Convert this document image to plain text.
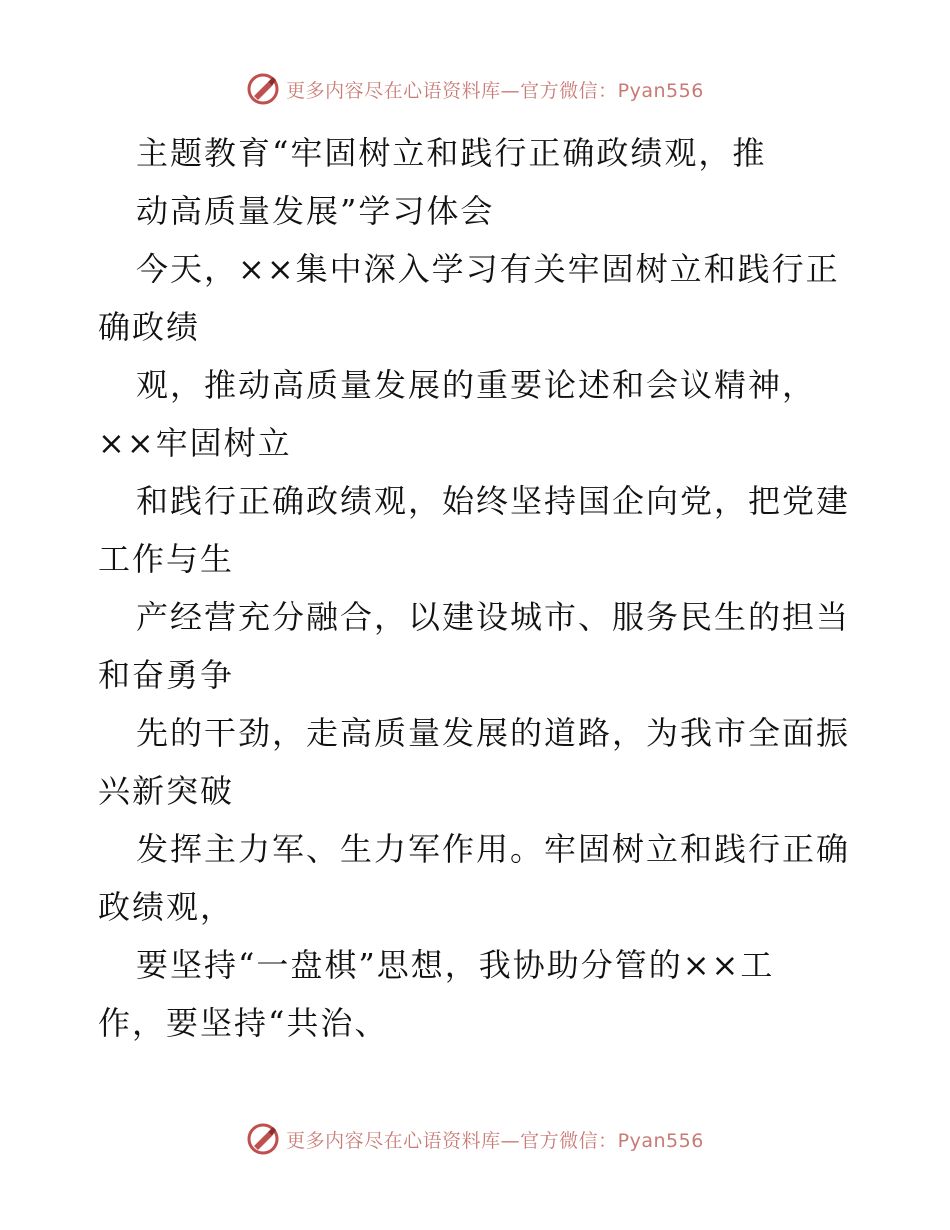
更多内容尽在心语资料库—官方微信：Pyan556
主题教育“牢固树立和践行正确政绩观，推
动高质量发展”学习体会
今天，××集中深入学习有关牢固树立和践行正
确政绩
观，推动高质量发展的重要论述和会议精神，
××牢固树立
和践行正确政绩观，始终坚持国企向党，把党建
工作与生
产经营充分融合，以建设城市、服务民生的担当
和奋勇争
先的干劲，走高质量发展的道路，为我市全面振
兴新突破
发挥主力军、生力军作用。牢固树立和践行正确
政绩观，
要坚持“一盘棋”思想，我协助分管的××工
作，要坚持“共治、
更多内容尽在心语资料库—官方微信：Pyan556
